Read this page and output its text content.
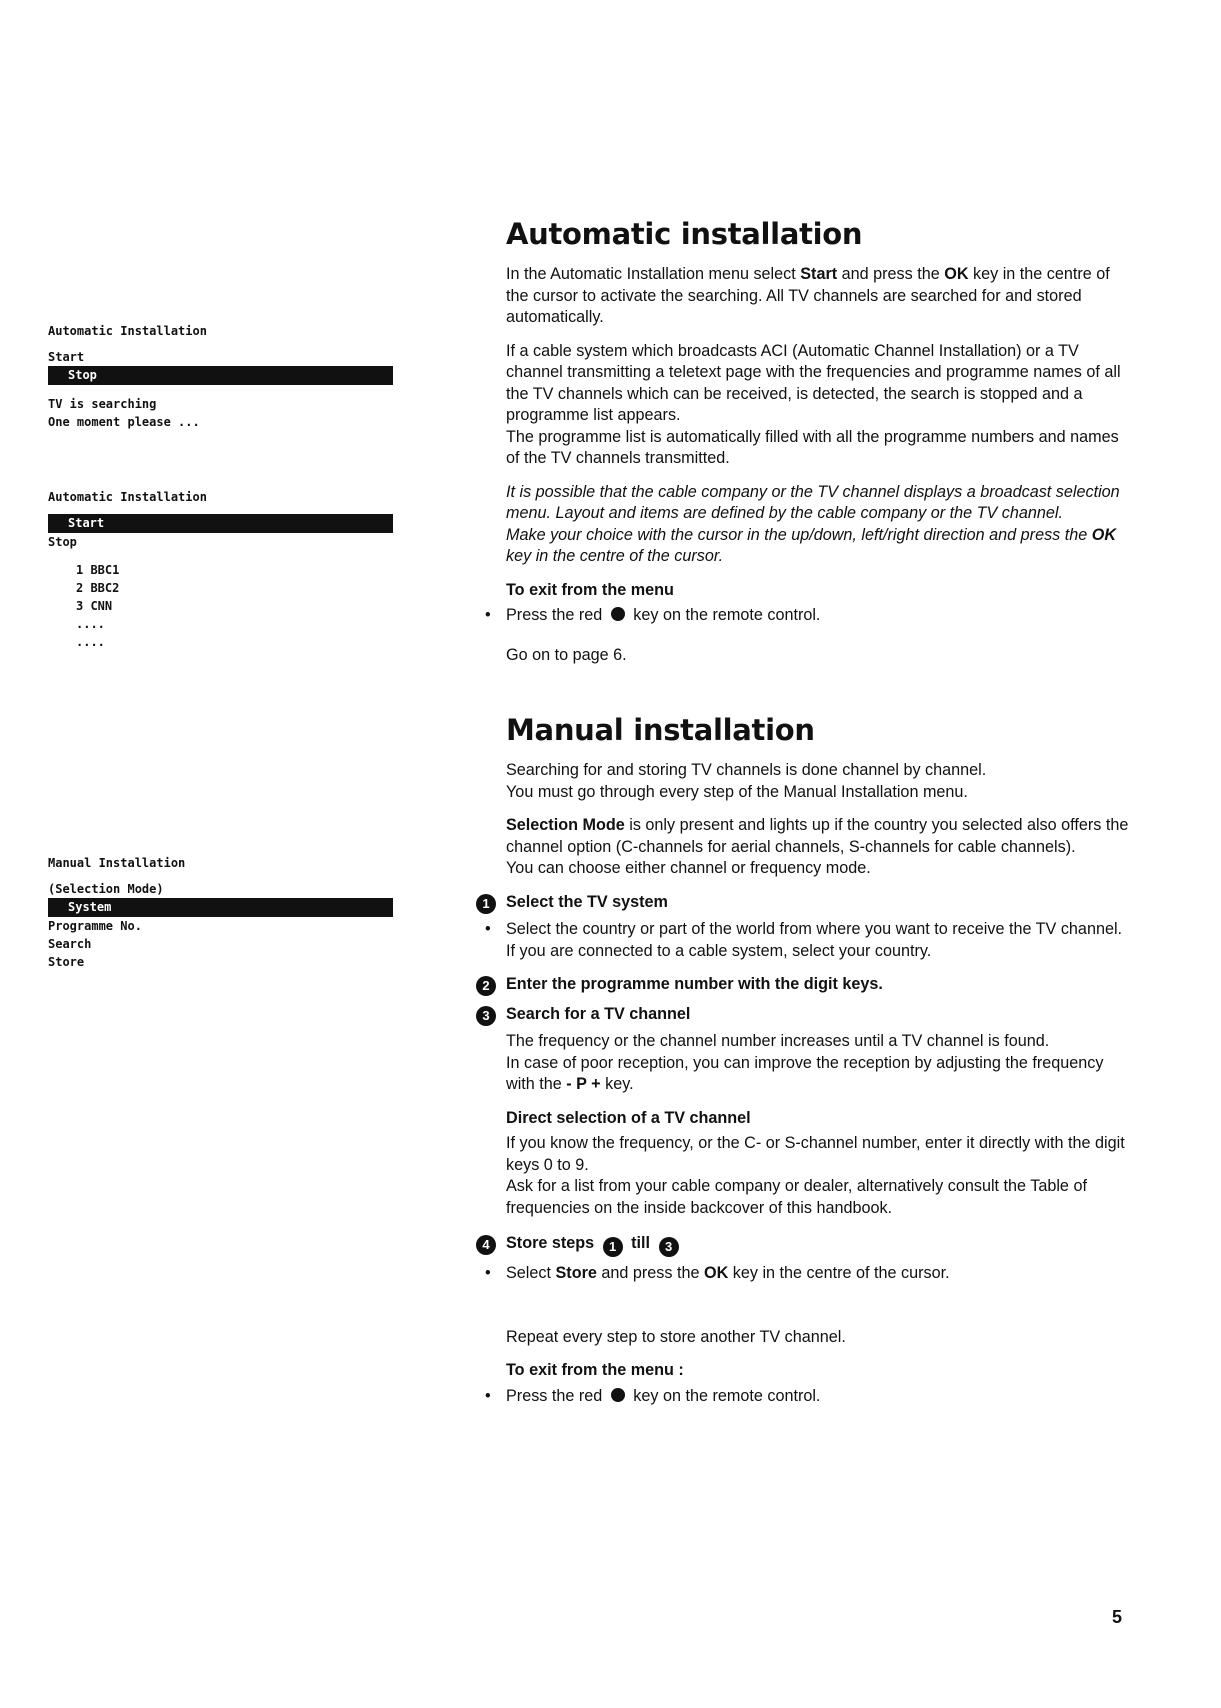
Automatic Installation
Start
Stop
TV is searching
One moment please ...
Automatic Installation
Start
Stop
1 BBC1
2 BBC2
3 CNN
....
....
Manual Installation
(Selection Mode)
System
Programme No.
Search
Store
Automatic installation

In the Automatic Installation menu select Start and press the OK key in the centre of the cursor to activate the searching. All TV channels are searched for and stored automatically.

If a cable system which broadcasts ACI (Automatic Channel Installation) or a TV channel transmitting a teletext page with the frequencies and programme names of all the TV channels which can be received, is detected, the search is stopped and a programme list appears.
The programme list is automatically filled with all the programme numbers and names of the TV channels transmitted.

It is possible that the cable company or the TV channel displays a broadcast selection menu. Layout and items are defined by the cable company or the TV channel.
Make your choice with the cursor in the up/down, left/right direction and press the OK key in the centre of the cursor.

To exit from the menu

• Press the red  key on the remote control.

Go on to page 6.

Manual installation

Searching for and storing TV channels is done channel by channel.
You must go through every step of the Manual Installation menu.

Selection Mode is only present and lights up if the country you selected also offers the channel option (C-channels for aerial channels, S-channels for cable channels).
You can choose either channel or frequency mode.

1	Select the TV system

• Select the country or part of the world from where you want to receive the TV channel.
If you are connected to a cable system, select your country.

2	Enter the programme number with the digit keys.
3	Search for a TV channel

The frequency or the channel number increases until a TV channel is found.
In case of poor reception, you can improve the reception by adjusting the frequency with the - P + key.

Direct selection of a TV channel

If you know the frequency, or the C- or S-channel number, enter it directly with the digit keys 0 to 9.
Ask for a list from your cable company or dealer, alternatively consult the Table of frequencies on the inside backcover of this handbook.

4	Store steps 1 till 3

• Select Store and press the OK key in the centre of the cursor.

Repeat every step to store another TV channel.

To exit from the menu :

• Press the red  key on the remote control.

5
